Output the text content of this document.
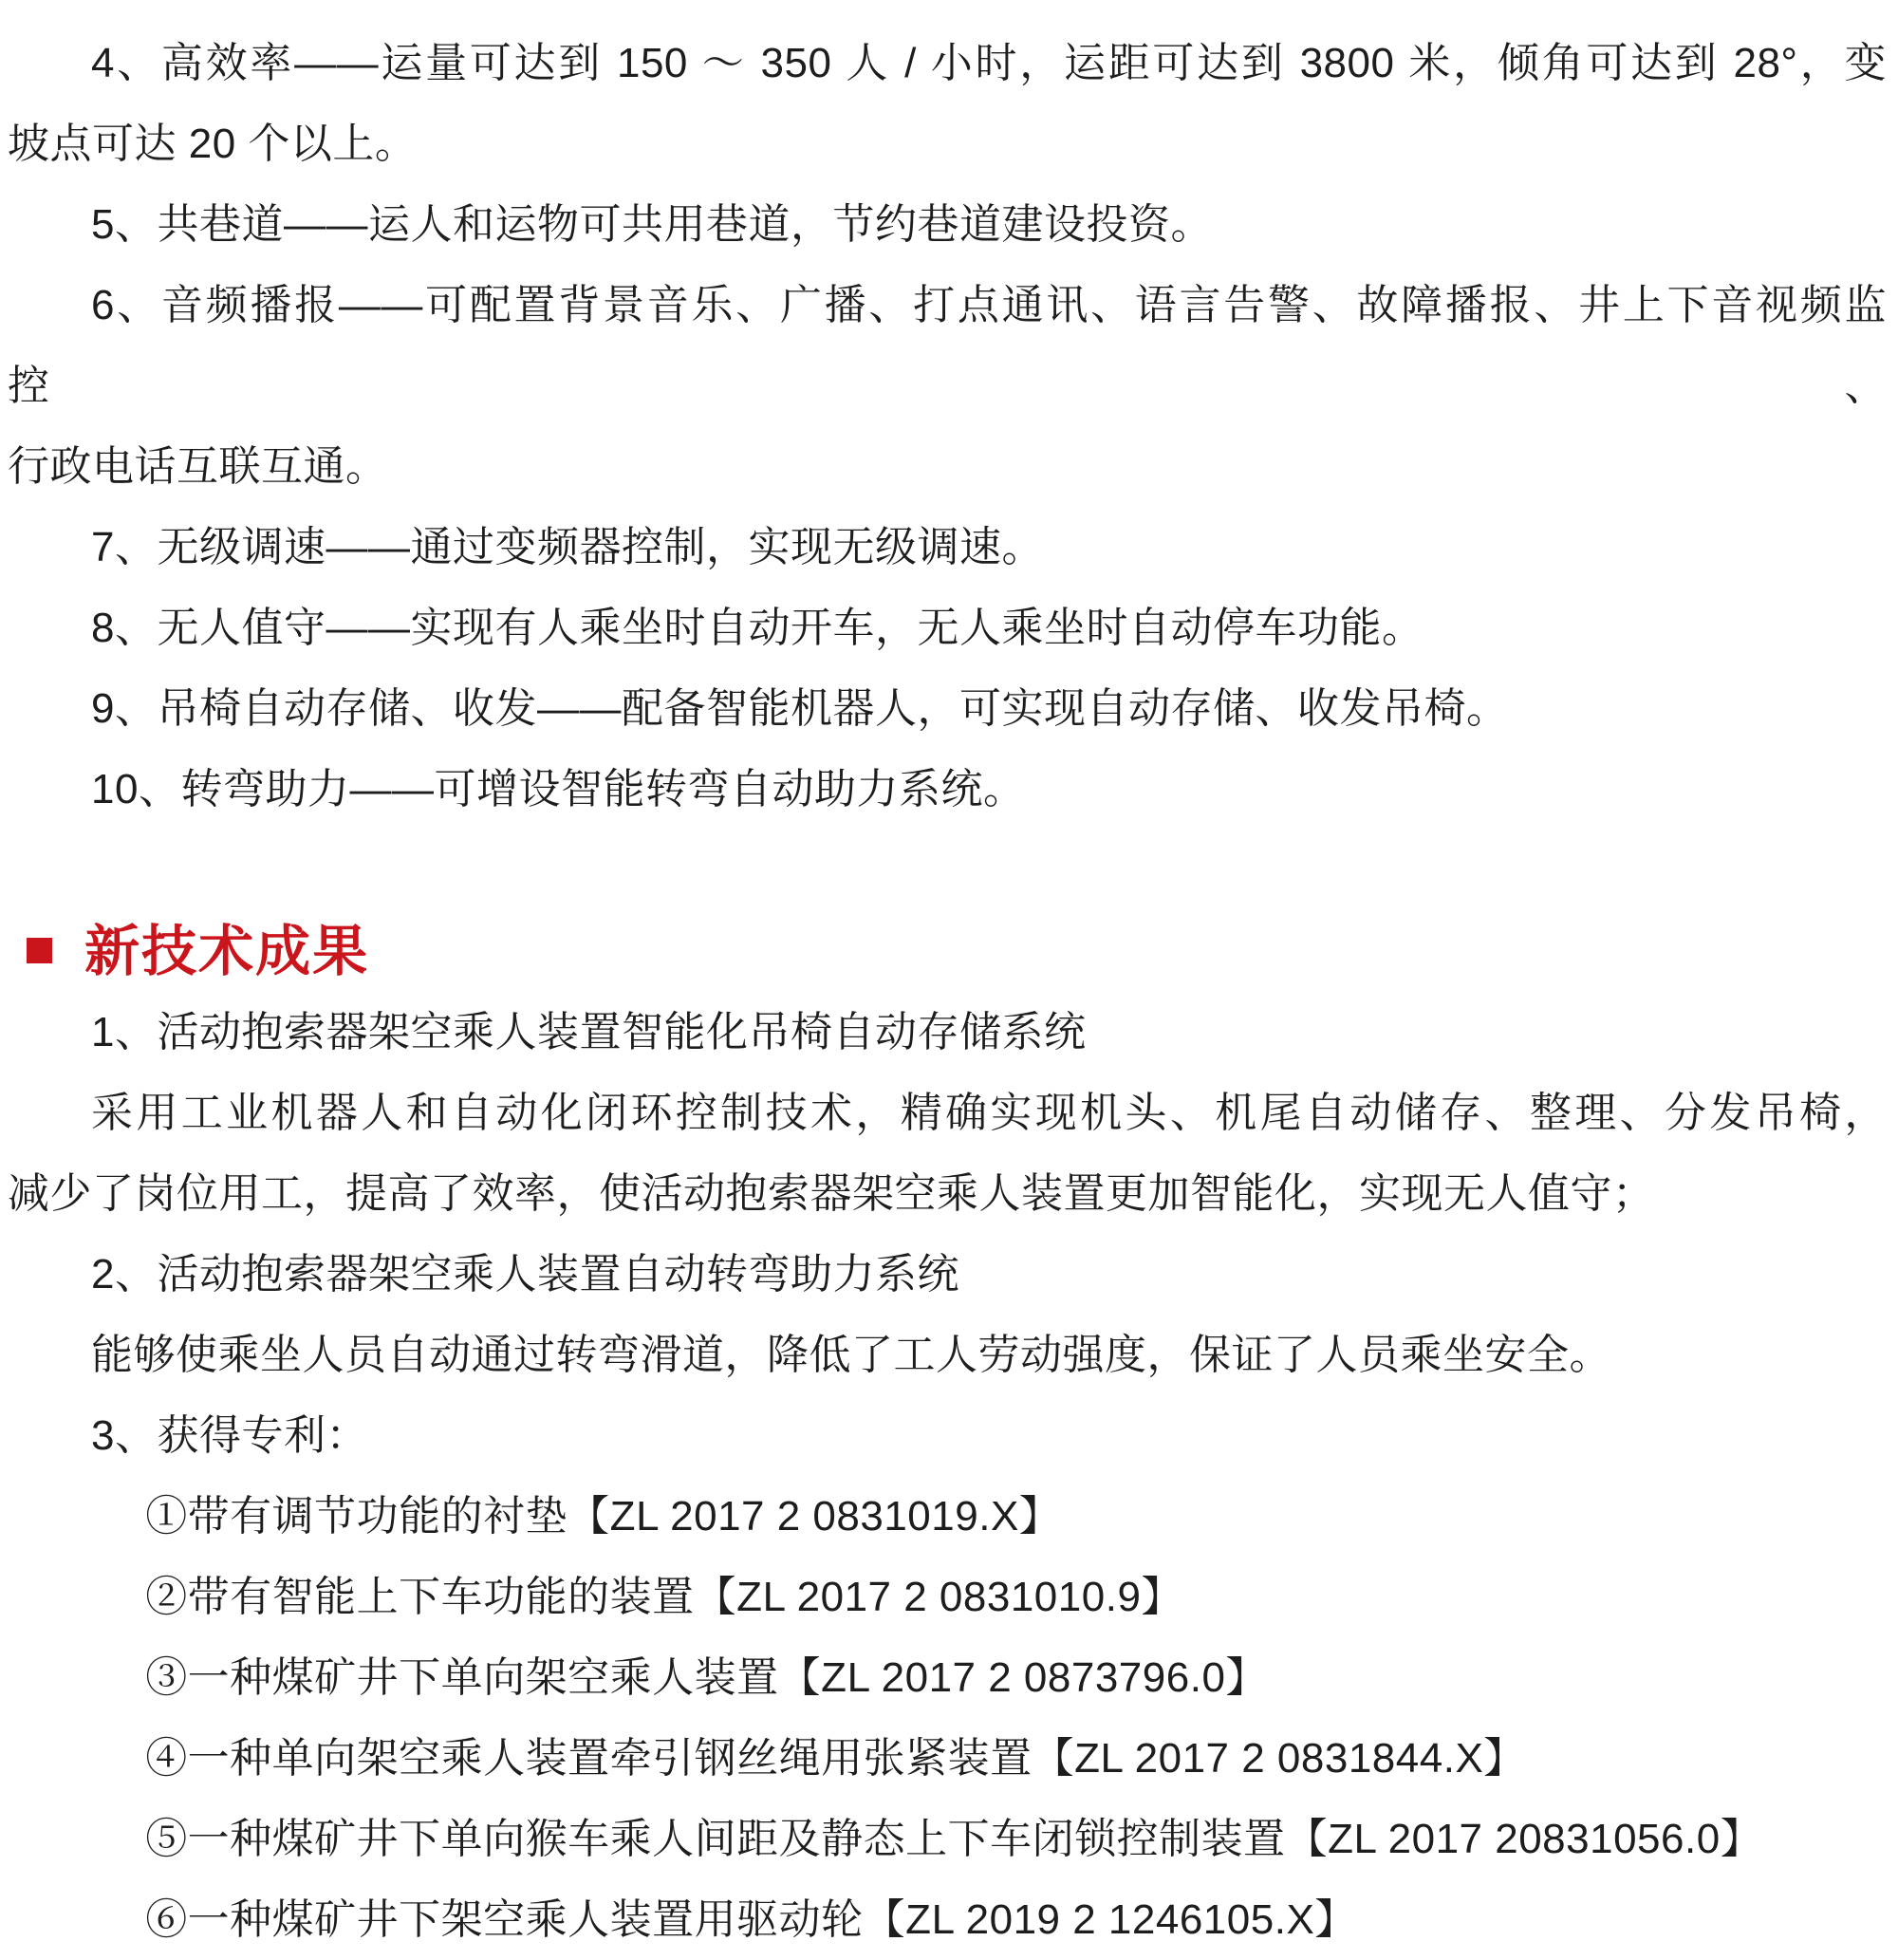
4、高效率——运量可达到 150 ～ 350 人 / 小时，运距可达到 3800 米，倾角可达到 28°，变

坡点可达 20 个以上。

5、共巷道——运人和运物可共用巷道，节约巷道建设投资。

6、音频播报——可配置背景音乐、广播、打点通讯、语言告警、故障播报、井上下音视频监控、

行政电话互联互通。

7、无级调速——通过变频器控制，实现无级调速。

8、无人值守——实现有人乘坐时自动开车，无人乘坐时自动停车功能。

9、吊椅自动存储、收发——配备智能机器人，可实现自动存储、收发吊椅。

10、转弯助力——可增设智能转弯自动助力系统。

新技术成果

1、活动抱索器架空乘人装置智能化吊椅自动存储系统

采用工业机器人和自动化闭环控制技术，精确实现机头、机尾自动储存、整理、分发吊椅，

减少了岗位用工，提高了效率，使活动抱索器架空乘人装置更加智能化，实现无人值守；

2、活动抱索器架空乘人装置自动转弯助力系统

能够使乘坐人员自动通过转弯滑道，降低了工人劳动强度，保证了人员乘坐安全。

3、获得专利：

①带有调节功能的衬垫【ZL 2017 2 0831019.X】

②带有智能上下车功能的装置【ZL 2017 2 0831010.9】

③一种煤矿井下单向架空乘人装置【ZL 2017 2 0873796.0】

④一种单向架空乘人装置牵引钢丝绳用张紧装置【ZL 2017 2 0831844.X】

⑤一种煤矿井下单向猴车乘人间距及静态上下车闭锁控制装置【ZL 2017 20831056.0】

⑥一种煤矿井下架空乘人装置用驱动轮【ZL 2019 2 1246105.X】
